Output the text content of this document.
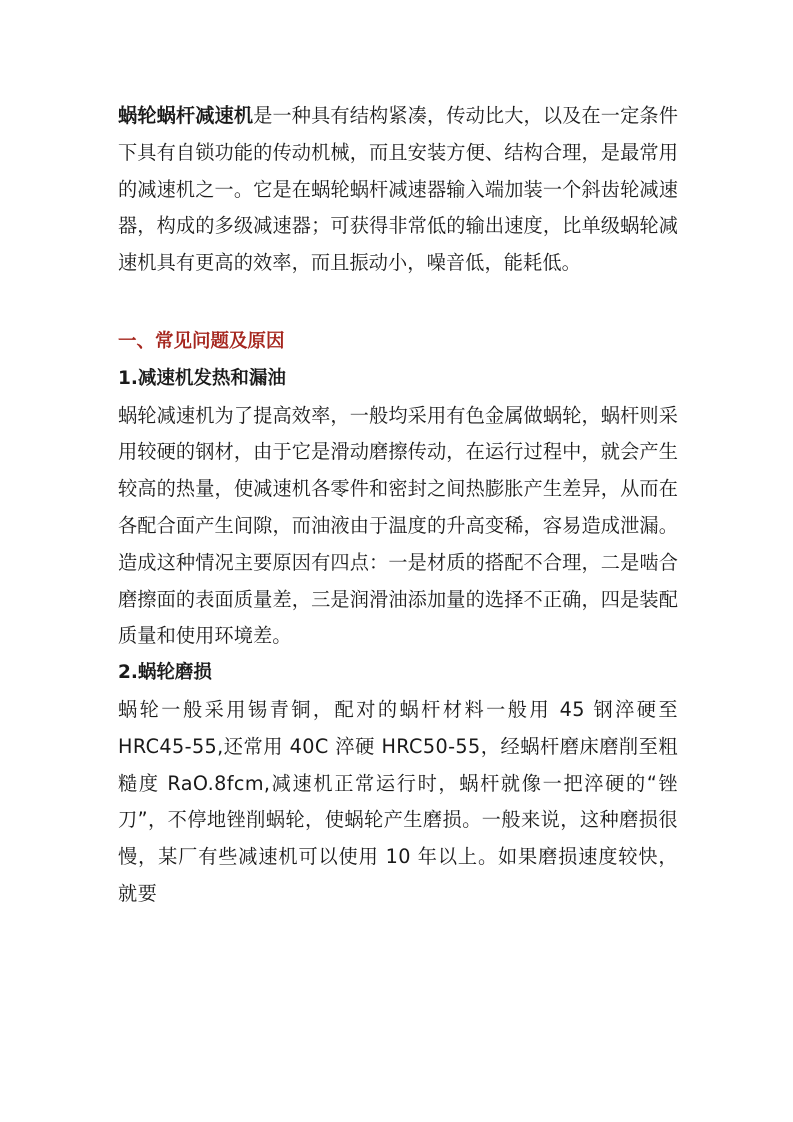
蜗轮蜗杆减速机是一种具有结构紧凑，传动比大，以及在一定条件下具有自锁功能的传动机械，而且安装方便、结构合理，是最常用的减速机之一。它是在蜗轮蜗杆减速器输入端加装一个斜齿轮减速器，构成的多级减速器；可获得非常低的输出速度，比单级蜗轮减速机具有更高的效率，而且振动小，噪音低，能耗低。

一、常见问题及原因
1.减速机发热和漏油

蜗轮减速机为了提高效率，一般均采用有色金属做蜗轮，蜗杆则采用较硬的钢材，由于它是滑动磨擦传动，在运行过程中，就会产生较高的热量，使减速机各零件和密封之间热膨胀产生差异，从而在各配合面产生间隙，而油液由于温度的升高变稀，容易造成泄漏。造成这种情况主要原因有四点：一是材质的搭配不合理，二是啮合磨擦面的表面质量差，三是润滑油添加量的选择不正确，四是装配质量和使用环境差。

2.蜗轮磨损

蜗轮一般采用锡青铜，配对的蜗杆材料一般用 45 钢淬硬至 HRC45-55,还常用 40C 淬硬 HRC50-55，经蜗杆磨床磨削至粗糙度 RaO.8fcm,减速机正常运行时，蜗杆就像一把淬硬的“锉刀”，不停地锉削蜗轮，使蜗轮产生磨损。一般来说，这种磨损很慢，某厂有些减速机可以使用 10 年以上。如果磨损速度较快，就要
